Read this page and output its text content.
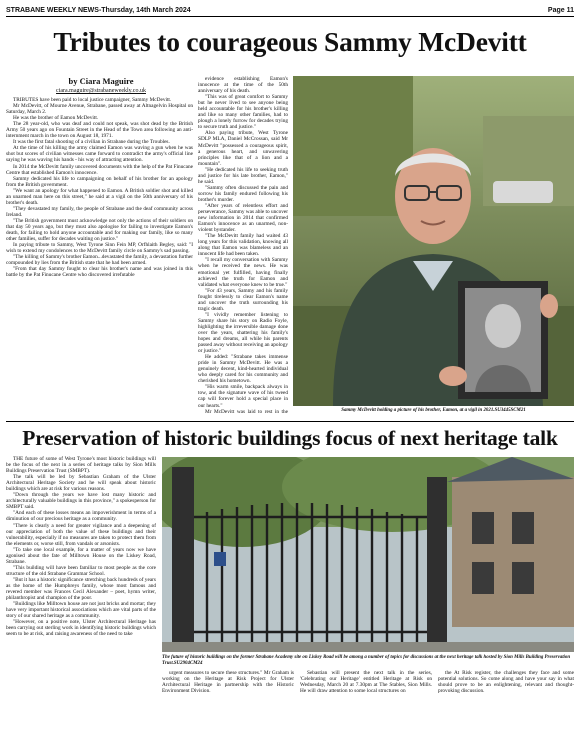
STRABANE WEEKLY NEWS-Thursday, 14th March 2024	Page 11
Tributes to courageous Sammy McDevitt
by Ciara Maguire
ciara.maguire@strabaneweekly.co.uk

TRIBUTES have been paid to local justice campaigner, Sammy McDevitt.

Mr McDevitt, of Mourne Avenue, Strabane, passed away at Altnagelvin Hospital on Saturday, March 2.

He was the brother of Eamon McDevitt.

The 28 year-old, who was deaf and could not speak, was shot dead by the British Army 50 years ago on Fountain Street in the Head of the Town area following an anti-internment march in the town on August 18, 1971.

It was the first fatal shooting of a civilian in Strabane during the Troubles.

At the time of his killing the army claimed Eamon was waving a gun when he was shot but scores of civilian witnesses came forward to contradict the army's official line saying he was waving his hands - his way of attracting attention.

In 2014 the McDevitt family uncovered documents with the help of the Pat Finucane Centre that established Eamon's innocence.

Sammy dedicated his life to campaigning on behalf of his brother for an apology from the British government.

"We want an apology for what happened to Eamon. A British soldier shot and killed an unarmed man here on this street," he said at a vigil on the 50th anniversary of his brother's death.

"They devastated my family, the people of Strabane and the deaf community across Ireland.

"The British government must acknowledge not only the actions of their soldiers on that day 50 years ago, but they must also apologise for failing to investigate Eamon's death, for failing to hold anyone accountable and for making our family, like so many other families, suffer for decades waiting on justice."

In paying tribute to Sammy, West Tyrone Sinn Fein MP, Orfhlaith Begley, said: "I wish to extend my condolences to the McDevitt family circle on Sammy's sad passing.

"The killing of Sammy's brother Eamon...devastated the family, a devastation further compounded by lies from the British state that he had been armed.

"From that day Sammy fought to clear his brother's name and was joined in this battle by the Pat Finucane Centre who discovered irrefutable

evidence establishing Eamon's innocence at the time of the 50th anniversary of his death.

"This was of great comfort to Sammy but he never lived to see anyone being held accountable for his brother's killing and like so many other families, had to plough a lonely furrow for decades trying to secure truth and justice."

Also paying tribute, West Tyrone SDLP MLA, Daniel McCrossan, said Mr McDevitt "possessed a courageous spirit, a generous heart, and unwavering principles like that of a lion and a mountain".

"He dedicated his life to seeking truth and justice for his late brother, Eamon," he said.

"Sammy often discussed the pain and sorrow his family endured following his brother's murder.

"After years of relentless effort and perseverance, Sammy was able to uncover new information in 2014 that confirmed Eamon's innocence as an unarmed, non-violent bystander.

"The McDevitt family had waited 43 long years for this validation, knowing all along that Eamon was blameless and an innocent life had been taken.

"I recall my conversation with Sammy when he received the news. He was emotional yet fulfilled, having finally achieved the truth for Eamon and validated what everyone knew to be true."

"For 43 years, Sammy and his family fought tirelessly to clear Eamon's name and uncover the truth surrounding his tragic death.

"I vividly remember listening to Sammy share his story on Radio Foyle, highlighting the irreversible damage done over the years, shattering his family's hopes and dreams, all while his parents passed away without receiving an apology or justice."

He added: "Strabane takes immense pride in Sammy McDevitt. He was a genuinely decent, kind-hearted individual who deeply cared for his community and cherished his hometown.

"His warm smile, backpack always in tow, and the signature wave of his tweed cap will forever hold a special place in our hearts."

Mr McDevitt was laid to rest in the	Sammy McDevitt holding a picture of his brother, Eamon, at a vigil in 2021.SU3445SCM21
Preservation of historic buildings focus of next heritage talk

THE future of some of West Tyrone's most historic buildings will be the focus of the next in a series of heritage talks by Sion Mills Buildings Preservation Trust (SMBPT).

The talk will be led by Sebastian Graham of the Ulster Architectural Heritage Society and he will speak about historic buildings which are at risk for various reasons.

"Down through the years we have lost many historic and architecturally valuable buildings in this province," a spokesperson for SMBPT said.

"And each of these losses means an impoverishment in terms of a diminution of our precious heritage as a community.

"There is clearly a need for greater vigilance and a deepening of our appreciation of both the value of these buildings and their vulnerability, especially if no measures are taken to protect them from the elements or, worse still, from vandals or arsonists.

"To take one local example, for a matter of years now we have agonised about the fate of Milltown House on the Liskey Road, Strabane.

"This building will have been familiar to most people as the core structure of the old Strabane Grammar School.

"But it has a historic significance stretching back hundreds of years as the home of the Humphreys family, whose most famous and revered member was Frances Cecil Alexander – poet, hymn writer, philanthropist and champion of the poor.

"Buildings like Milltown house are not just bricks and mortar; they have very important historical associations which are vital parts of the story of our shared heritage as a community.

"However, on a positive note, Ulster Architectural Heritage has been carrying out sterling work in identifying historic buildings which seem to be at risk, and raising awareness of the need to take

The future of historic buildings on the former Strabane Academy site on Liskey Road will be among a number of topics for discussions at the next heritage talk hosted by Sion Mills Building Preservation Trust.SU2904CM24

urgent measures to secure these structures." Mr Graham is working on the Heritage at Risk Project for Ulster Architectural Heritage in partnership with the Historic Environment Division.

Sebastian will present the next talk in the series, 'Celebrating our Heritage' entitled Heritage at Risk on Wednesday, March 20 at 7.30pm at The Stables, Sion Mills. He will draw attention to some local structures on

the At Risk register, the challenges they face and some potential solutions. So come along and have your say in what should prove to be an enlightening, relevant and thought-provoking discussion.
